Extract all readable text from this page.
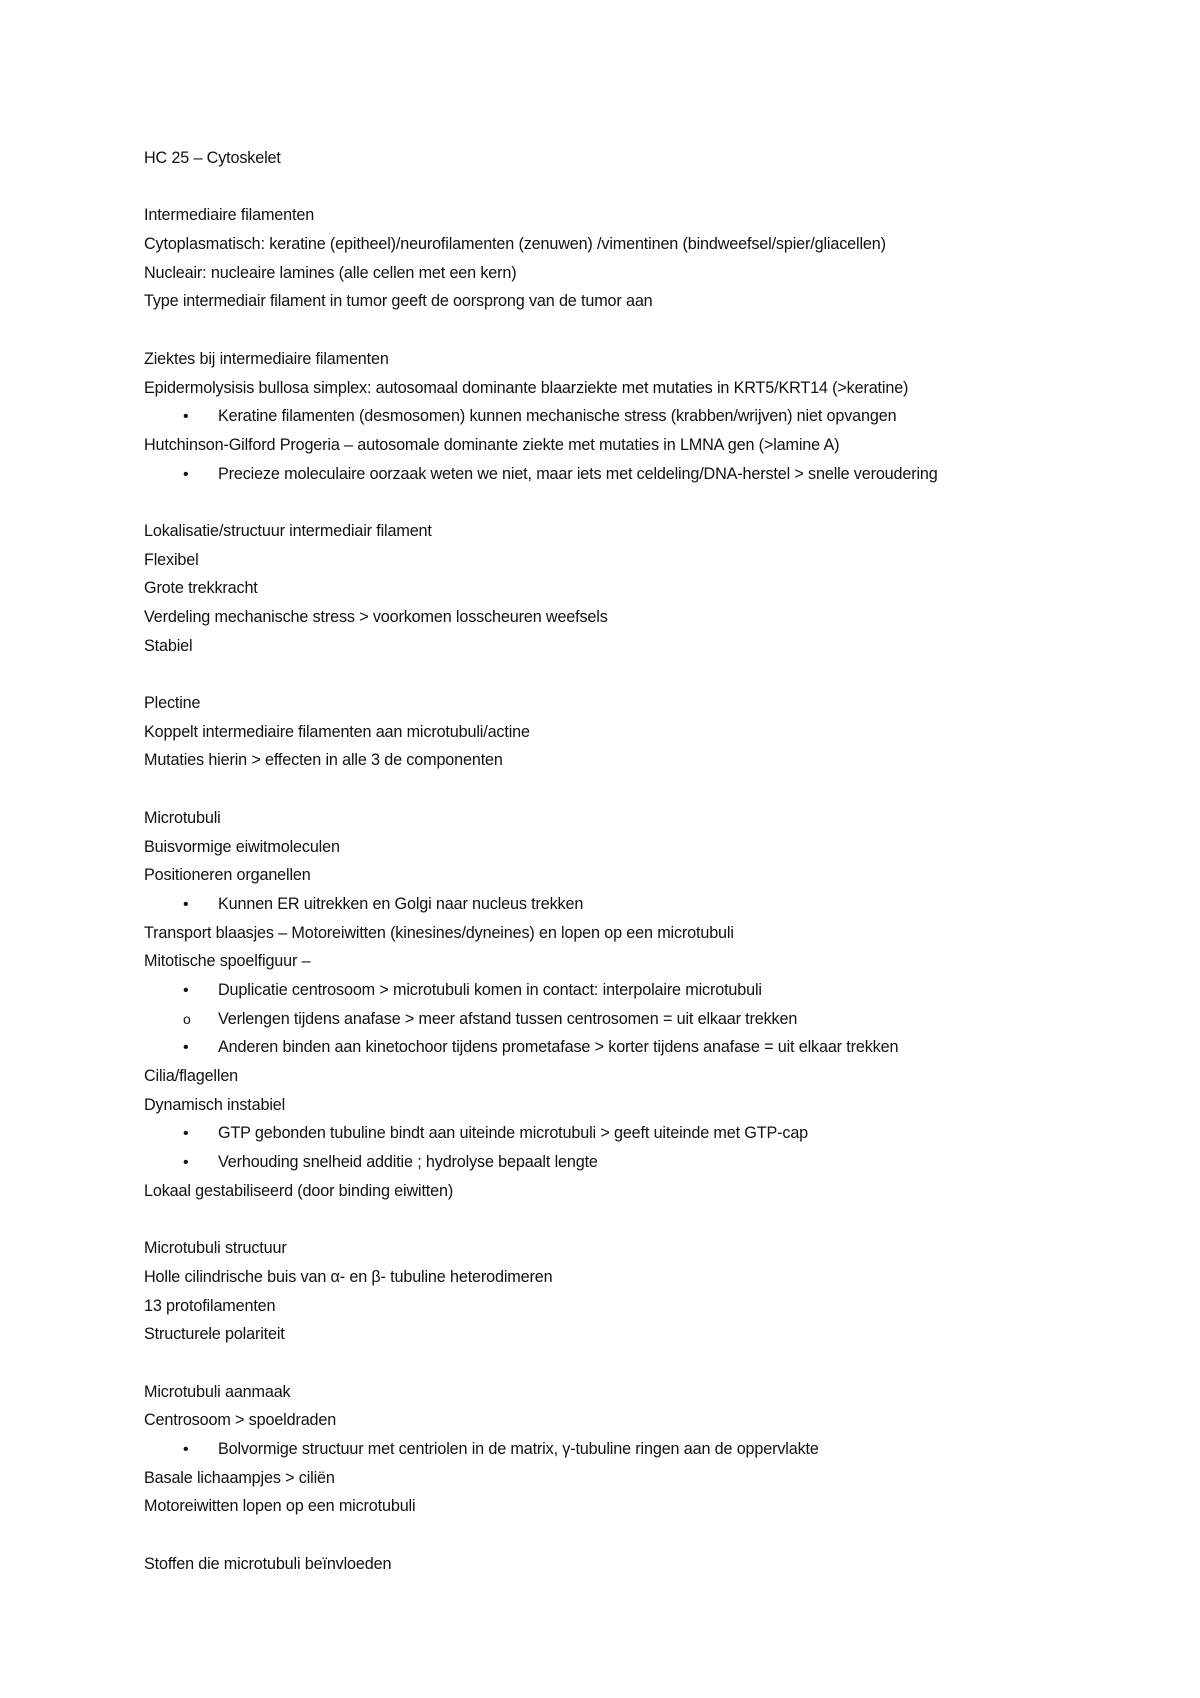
HC 25 – Cytoskelet
Intermediaire filamenten
Cytoplasmatisch: keratine (epitheel)/neurofilamenten (zenuwen) /vimentinen (bindweefsel/spier/gliacellen)
Nucleair: nucleaire lamines (alle cellen met een kern)
Type intermediair filament in tumor geeft de oorsprong van de tumor aan
Ziektes bij intermediaire filamenten
Epidermolysisis bullosa simplex: autosomaal dominante blaarziekte met mutaties in KRT5/KRT14 (>keratine)
•
Keratine filamenten (desmosomen) kunnen mechanische stress (krabben/wrijven) niet opvangen
Hutchinson-Gilford Progeria – autosomale dominante ziekte met mutaties in LMNA gen (>lamine A)
•
Precieze moleculaire oorzaak weten we niet, maar iets met celdeling/DNA-herstel > snelle veroudering
Lokalisatie/structuur intermediair filament
Flexibel
Grote trekkracht
Verdeling mechanische stress > voorkomen losscheuren weefsels
Stabiel
Plectine
Koppelt intermediaire filamenten aan microtubuli/actine
Mutaties hierin > effecten in alle 3 de componenten
Microtubuli
Buisvormige eiwitmoleculen
Positioneren organellen
•
Kunnen ER uitrekken en Golgi naar nucleus trekken
Transport blaasjes – Motoreiwitten (kinesines/dyneines) en lopen op een microtubuli
Mitotische spoelfiguur –
•
Duplicatie centrosoom > microtubuli komen in contact: interpolaire microtubuli
o
Verlengen tijdens anafase > meer afstand tussen centrosomen = uit elkaar trekken
•
Anderen binden aan kinetochoor tijdens prometafase > korter tijdens anafase = uit elkaar trekken
Cilia/flagellen
Dynamisch instabiel
•
GTP gebonden tubuline bindt aan uiteinde microtubuli > geeft uiteinde met GTP-cap
•
Verhouding snelheid additie ; hydrolyse bepaalt lengte
Lokaal gestabiliseerd (door binding eiwitten)
Microtubuli structuur
Holle cilindrische buis van α- en β- tubuline heterodimeren
13 protofilamenten
Structurele polariteit
Microtubuli aanmaak
Centrosoom > spoeldraden
•
Bolvormige structuur met centriolen in de matrix, γ-tubuline ringen aan de oppervlakte
Basale lichaampjes > ciliën
Motoreiwitten lopen op een microtubuli
Stoffen die microtubuli beïnvloeden
